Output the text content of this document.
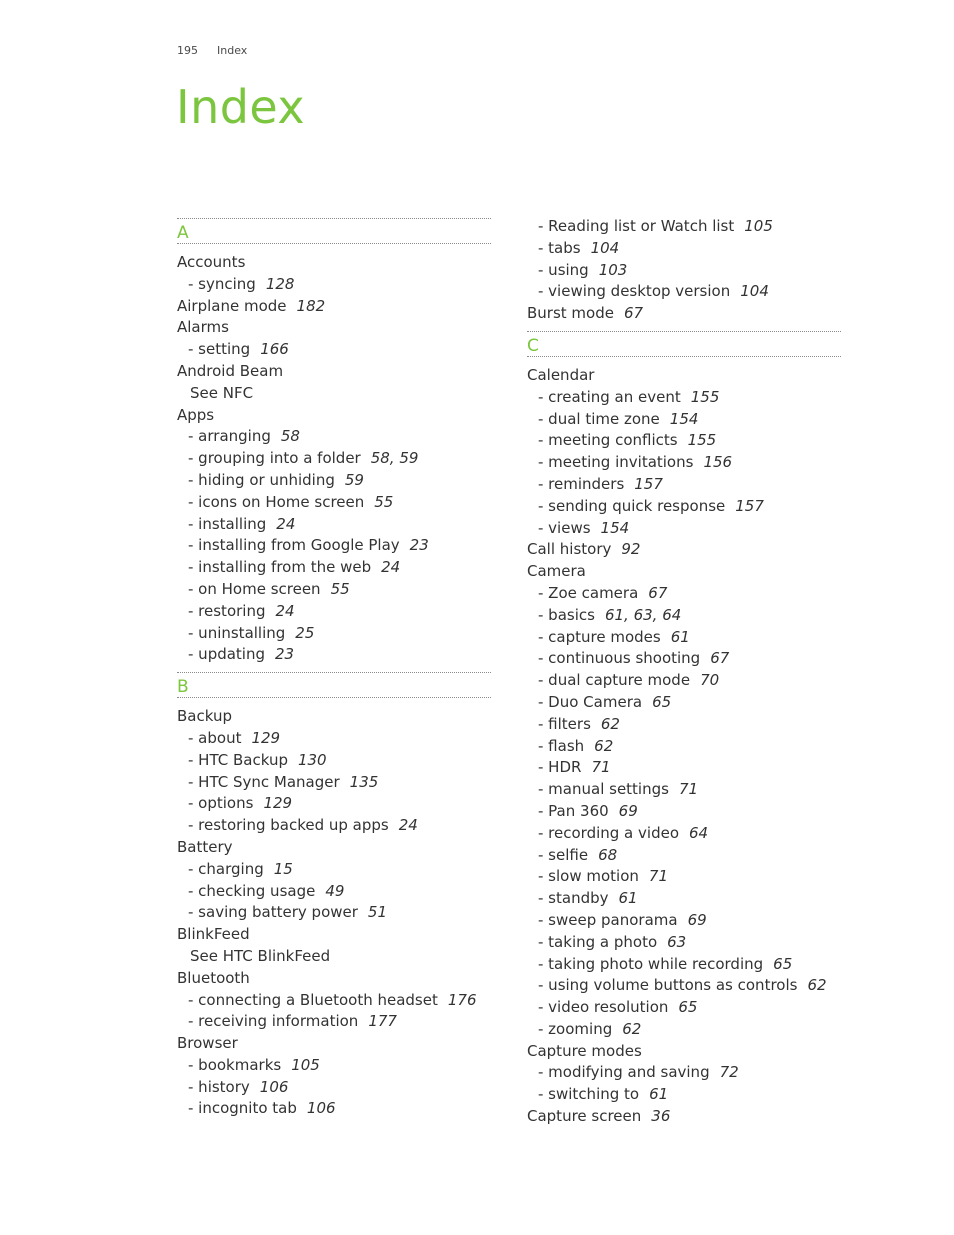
195 Index
Index
A
Accounts
- syncing 128
Airplane mode 182
Alarms
- setting 166
Android Beam
See NFC
Apps
- arranging 58
- grouping into a folder 58, 59
- hiding or unhiding 59
- icons on Home screen 55
- installing 24
- installing from Google Play 23
- installing from the web 24
- on Home screen 55
- restoring 24
- uninstalling 25
- updating 23
B
Backup
- about 129
- HTC Backup 130
- HTC Sync Manager 135
- options 129
- restoring backed up apps 24
Battery
- charging 15
- checking usage 49
- saving battery power 51
BlinkFeed
See HTC BlinkFeed
Bluetooth
- connecting a Bluetooth headset 176
- receiving information 177
Browser
- bookmarks 105
- history 106
- incognito tab 106
- Reading list or Watch list 105
- tabs 104
- using 103
- viewing desktop version 104
Burst mode 67
C
Calendar
- creating an event 155
- dual time zone 154
- meeting conflicts 155
- meeting invitations 156
- reminders 157
- sending quick response 157
- views 154
Call history 92
Camera
- Zoe camera 67
- basics 61, 63, 64
- capture modes 61
- continuous shooting 67
- dual capture mode 70
- Duo Camera 65
- filters 62
- flash 62
- HDR 71
- manual settings 71
- Pan 360 69
- recording a video 64
- selfie 68
- slow motion 71
- standby 61
- sweep panorama 69
- taking a photo 63
- taking photo while recording 65
- using volume buttons as controls 62
- video resolution 65
- zooming 62
Capture modes
- modifying and saving 72
- switching to 61
Capture screen 36
